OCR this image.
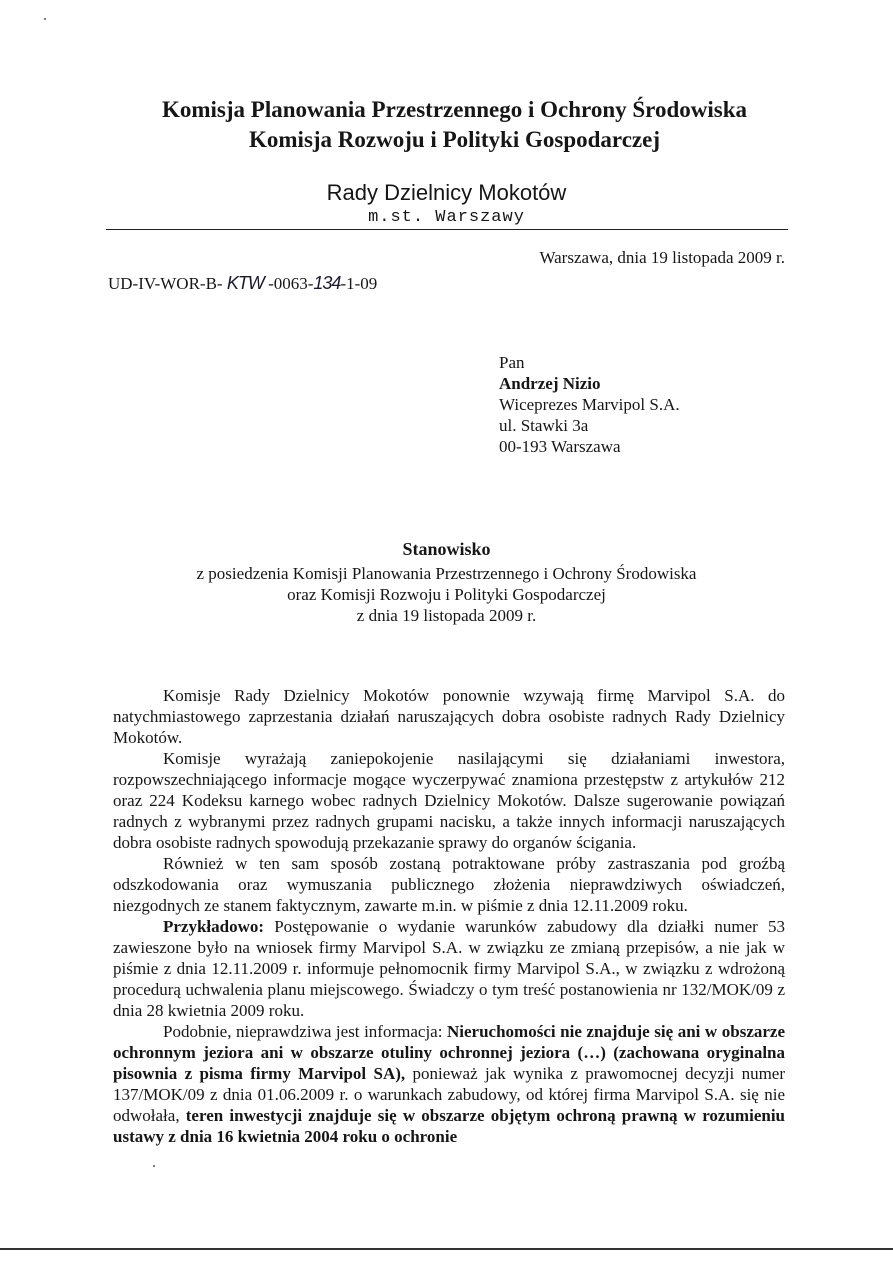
Komisja Planowania Przestrzennego i Ochrony Środowiska
Komisja Rozwoju i Polityki Gospodarczej
Rady Dzielnicy Mokotów
m.st. Warszawy
Warszawa, dnia 19 listopada 2009 r.
UD-IV-WOR-B- KTW -0063-134-1-09
Pan
Andrzej Nizio
Wiceprezes Marvipol S.A.
ul. Stawki 3a
00-193 Warszawa
Stanowisko
z posiedzenia Komisji Planowania Przestrzennego i Ochrony Środowiska
oraz Komisji Rozwoju i Polityki Gospodarczej
z dnia 19 listopada 2009 r.

Komisje Rady Dzielnicy Mokotów ponownie wzywają firmę Marvipol S.A. do natychmiastowego zaprzestania działań naruszających dobra osobiste radnych Rady Dzielnicy Mokotów.

Komisje wyrażają zaniepokojenie nasilającymi się działaniami inwestora, rozpowszechniającego informacje mogące wyczerpywać znamiona przestępstw z artykułów 212 oraz 224 Kodeksu karnego wobec radnych Dzielnicy Mokotów. Dalsze sugerowanie powiązań radnych z wybranymi przez radnych grupami nacisku, a także innych informacji naruszających dobra osobiste radnych spowodują przekazanie sprawy do organów ścigania.

Również w ten sam sposób zostaną potraktowane próby zastraszania pod groźbą odszkodowania oraz wymuszania publicznego złożenia nieprawdziwych oświadczeń, niezgodnych ze stanem faktycznym, zawarte m.in. w piśmie z dnia 12.11.2009 roku.

Przykładowo: Postępowanie o wydanie warunków zabudowy dla działki numer 53 zawieszone było na wniosek firmy Marvipol S.A. w związku ze zmianą przepisów, a nie jak w piśmie z dnia 12.11.2009 r. informuje pełnomocnik firmy Marvipol S.A., w związku z wdrożoną procedurą uchwalenia planu miejscowego. Świadczy o tym treść postanowienia nr 132/MOK/09 z dnia 28 kwietnia 2009 roku.

Podobnie, nieprawdziwa jest informacja: Nieruchomości nie znajduje się ani w obszarze ochronnym jeziora ani w obszarze otuliny ochronnej jeziora (…) (zachowana oryginalna pisownia z pisma firmy Marvipol SA), ponieważ jak wynika z prawomocnej decyzji numer 137/MOK/09 z dnia 01.06.2009 r. o warunkach zabudowy, od której firma Marvipol S.A. się nie odwołała, teren inwestycji znajduje się w obszarze objętym ochroną prawną w rozumieniu ustawy z dnia 16 kwietnia 2004 roku o ochronie
